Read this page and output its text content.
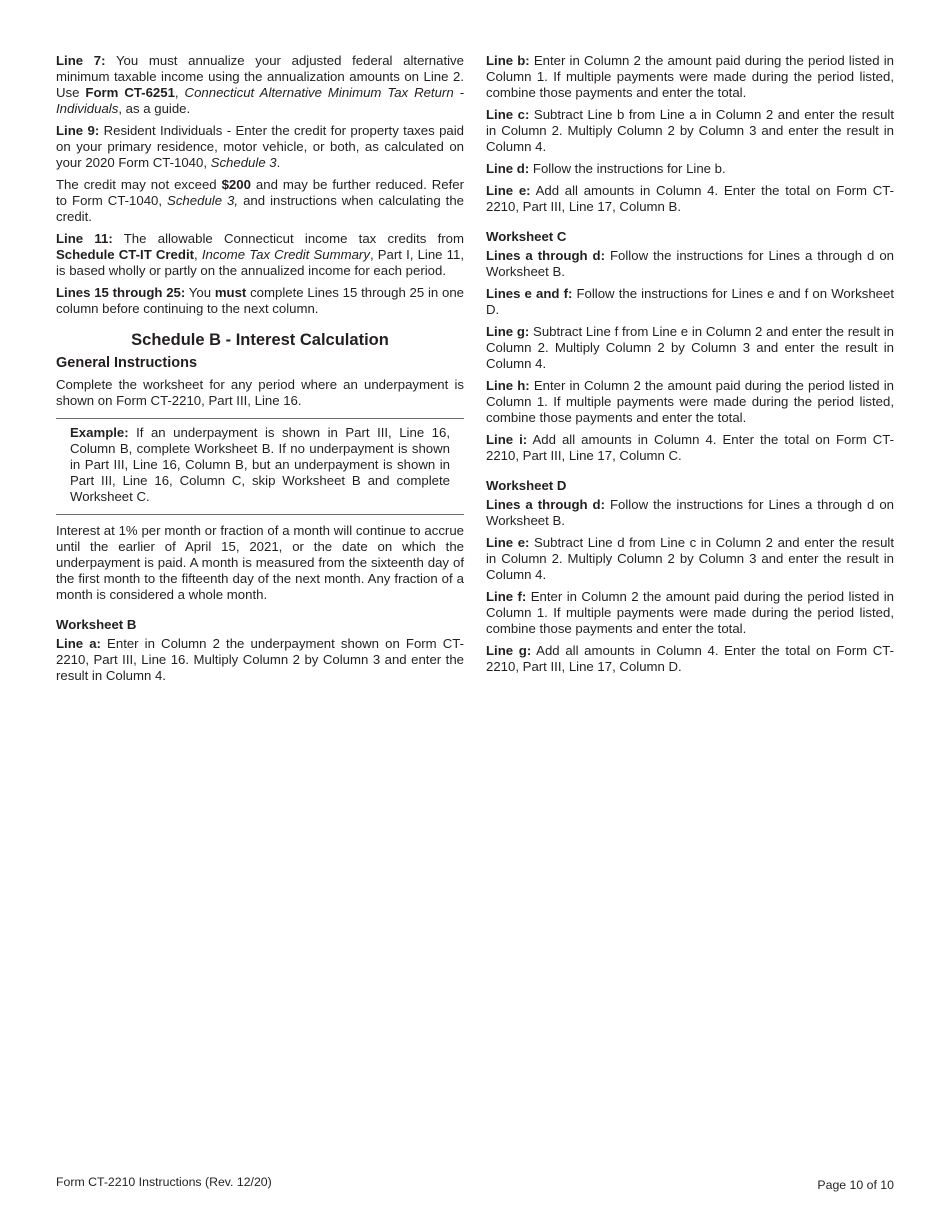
Line 7: You must annualize your adjusted federal alternative minimum taxable income using the annualization amounts on Line 2. Use Form CT-6251, Connecticut Alternative Minimum Tax Return - Individuals, as a guide.

Line 9: Resident Individuals - Enter the credit for property taxes paid on your primary residence, motor vehicle, or both, as calculated on your 2020 Form CT-1040, Schedule 3.

The credit may not exceed $200 and may be further reduced. Refer to Form CT-1040, Schedule 3, and instructions when calculating the credit.

Line 11: The allowable Connecticut income tax credits from Schedule CT-IT Credit, Income Tax Credit Summary, Part I, Line 11, is based wholly or partly on the annualized income for each period.

Lines 15 through 25: You must complete Lines 15 through 25 in one column before continuing to the next column.

Schedule B - Interest Calculation
General Instructions

Complete the worksheet for any period where an underpayment is shown on Form CT-2210, Part III, Line 16.

Example: If an underpayment is shown in Part III, Line 16, Column B, complete Worksheet B. If no underpayment is shown in Part III, Line 16, Column B, but an underpayment is shown in Part III, Line 16, Column C, skip Worksheet B and complete Worksheet C.

Interest at 1% per month or fraction of a month will continue to accrue until the earlier of April 15, 2021, or the date on which the underpayment is paid. A month is measured from the sixteenth day of the first month to the fifteenth day of the next month. Any fraction of a month is considered a whole month.

Worksheet B

Line a: Enter in Column 2 the underpayment shown on Form CT-2210, Part III, Line 16. Multiply Column 2 by Column 3 and enter the result in Column 4.

Line b: Enter in Column 2 the amount paid during the period listed in Column 1. If multiple payments were made during the period listed, combine those payments and enter the total.

Line c: Subtract Line b from Line a in Column 2 and enter the result in Column 2. Multiply Column 2 by Column 3 and enter the result in Column 4.

Line d: Follow the instructions for Line b.

Line e: Add all amounts in Column 4. Enter the total on Form CT-2210, Part III, Line 17, Column B.

Worksheet C

Lines a through d: Follow the instructions for Lines a through d on Worksheet B.

Lines e and f: Follow the instructions for Lines e and f on Worksheet D.

Line g: Subtract Line f from Line e in Column 2 and enter the result in Column 2. Multiply Column 2 by Column 3 and enter the result in Column 4.

Line h: Enter in Column 2 the amount paid during the period listed in Column 1. If multiple payments were made during the period listed, combine those payments and enter the total.

Line i: Add all amounts in Column 4. Enter the total on Form CT-2210, Part III, Line 17, Column C.

Worksheet D

Lines a through d: Follow the instructions for Lines a through d on Worksheet B.

Line e: Subtract Line d from Line c in Column 2 and enter the result in Column 2. Multiply Column 2 by Column 3 and enter the result in Column 4.

Line f: Enter in Column 2 the amount paid during the period listed in Column 1. If multiple payments were made during the period listed, combine those payments and enter the total.

Line g: Add all amounts in Column 4. Enter the total on Form CT-2210, Part III, Line 17, Column D.

Form CT-2210 Instructions (Rev. 12/20)	Page 10 of 10
